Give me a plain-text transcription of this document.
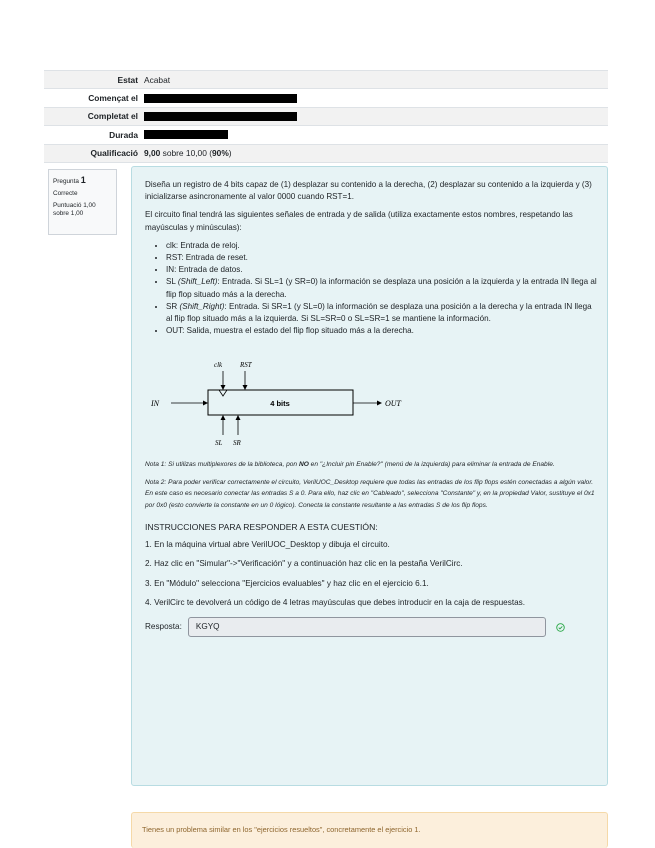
Estat Acabat
Començat el
Completat el
Durada
Qualificació 9,00 sobre 10,00 ( 90% )
Pregunta 1
Correcte
Puntuació 1,00 sobre 1,00

Diseña un registro de 4 bits capaz de (1) desplazar su contenido a la derecha, (2) desplazar su contenido a la izquierda y (3) inicializarse asincronamente al valor 0000 cuando RST=1.

El circuito final tendrá las siguientes señales de entrada y de salida (utiliza exactamente estos nombres, respetando las mayúsculas y minúsculas):

• clk: Entrada de reloj.
• RST: Entrada de reset.
• IN: Entrada de datos.
• SL (Shift_Left): Entrada. Si SL=1 (y SR=0) la información se desplaza una posición a la izquierda y la entrada IN llega al flip flop situado más a la derecha.
• SR (Shift_Right): Entrada. Si SR=1 (y SL=0) la información se desplaza una posición a la derecha y la entrada IN llega al flip flop situado más a la izquierda. Si SL=SR=0 o SL=SR=1 se mantiene la información.
• OUT: Salida, muestra el estado del flip flop situado más a la derecha.
IN	4 bits
clk	RST
SL SR
OUT

Nota 1: Si utilizas multiplexores de la biblioteca, pon NO en "¿Incluir pin Enable?" (menú de la izquierda) para eliminar la entrada de Enable.

Nota 2: Para poder verificar correctamente el circuito, VerilUOC_Desktop requiere que todas las entradas de los flip flops estén conectadas a algún valor. En este caso es necesario conectar las entradas S a 0. Para ello, haz clic en "Cableado", selecciona "Constante" y, en la propiedad Valor, sustituye el 0x1 por 0x0 (esto convierte la constante en un 0 lógico). Conecta la constante resultante a las entradas S de los flip flops.

INSTRUCCIONES PARA RESPONDER A ESTA CUESTIÓN:

1. En la máquina virtual abre VerilUOC_Desktop y dibuja el circuito.

2. Haz clic en "Simular"->"Verificación" y a continuación haz clic en la pestaña VerilCirc.

3. En "Módulo" selecciona "Ejercicios evaluables" y haz clic en el ejercicio 6.1.

4. VerilCirc te devolverá un código de 4 letras mayúsculas que debes introducir en la caja de respuestas.

Resposta:	KGYQ
Tienes un problema similar en los "ejercicios resueltos", concretamente el ejercicio 1.
